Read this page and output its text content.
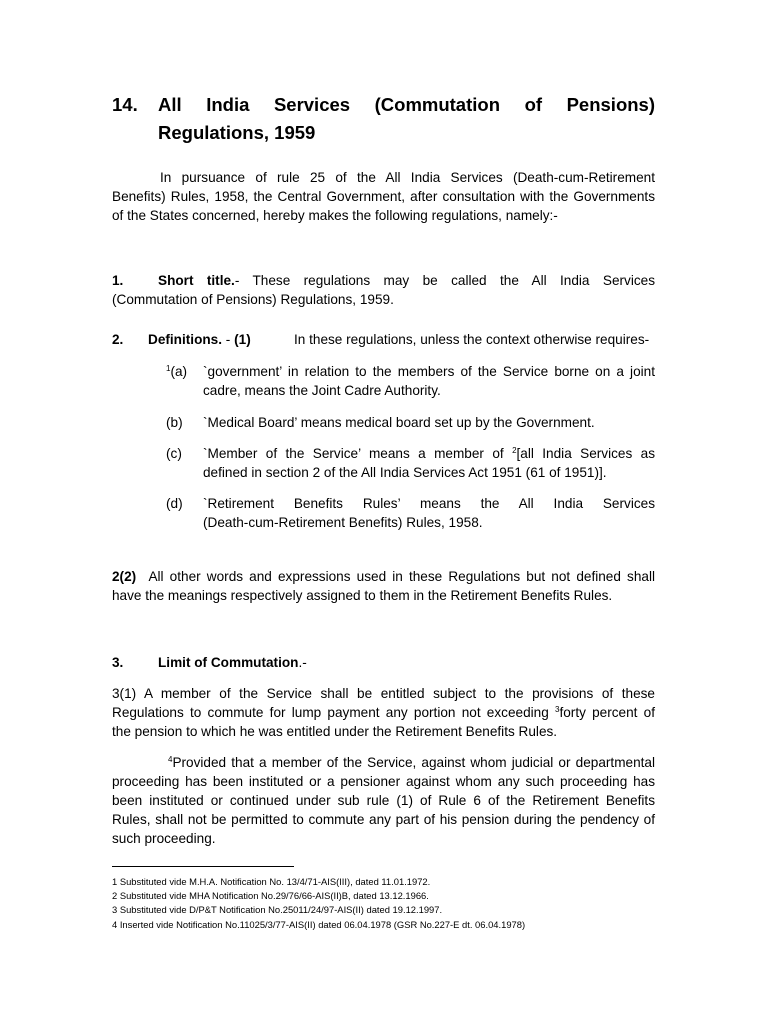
14. All India Services (Commutation of Pensions)
Regulations, 1959
In pursuance of rule 25 of the All India Services (Death-cum-Retirement
Benefits) Rules, 1958, the Central Government, after consultation with the Governments
of the States concerned, hereby makes the following regulations, namely:-
1.	Short title.- These regulations may be called the All India Services
(Commutation of Pensions) Regulations, 1959.
2. Definitions. - (1)	In these regulations, unless the context otherwise requires-
$^1$(a) `government’ in relation to the members of the Service borne on a joint
cadre, means the Joint Cadre Authority.
(b) `Medical Board’ means medical board set up by the Government.
(c) `Member of the Service’ means a member of $^2$[all India Services as
defined in section 2 of the All India Services Act 1951 (61 of 1951)].
(d) `Retirement Benefits Rules’ means the All India Services
(Death-cum-Retirement Benefits) Rules, 1958.
2(2) All other words and expressions used in these Regulations but not defined shall
have the meanings respectively assigned to them in the Retirement Benefits Rules.
3.	Limit of Commutation.-
3(1) A member of the Service shall be entitled subject to the provisions of these
Regulations to commute for lump payment any portion not exceeding $^3$forty percent of
the pension to which he was entitled under the Retirement Benefits Rules.
$^4$Provided that a member of the Service, against whom judicial or departmental
proceeding has been instituted or a pensioner against whom any such proceeding has
been instituted or continued under sub rule (1) of Rule 6 of the Retirement Benefits
Rules, shall not be permitted to commute any part of his pension during the pendency of
such proceeding.
1 Substituted vide M.H.A. Notification No. 13/4/71-AIS(III), dated 11.01.1972.
2 Substituted vide MHA Notification No.29/76/66-AIS(II)B, dated 13.12.1966.
3 Substituted vide D/P&T Notification No.25011/24/97-AIS(II) dated 19.12.1997.
4 Inserted vide Notification No.11025/3/77-AIS(II) dated 06.04.1978 (GSR No.227-E dt. 06.04.1978)
